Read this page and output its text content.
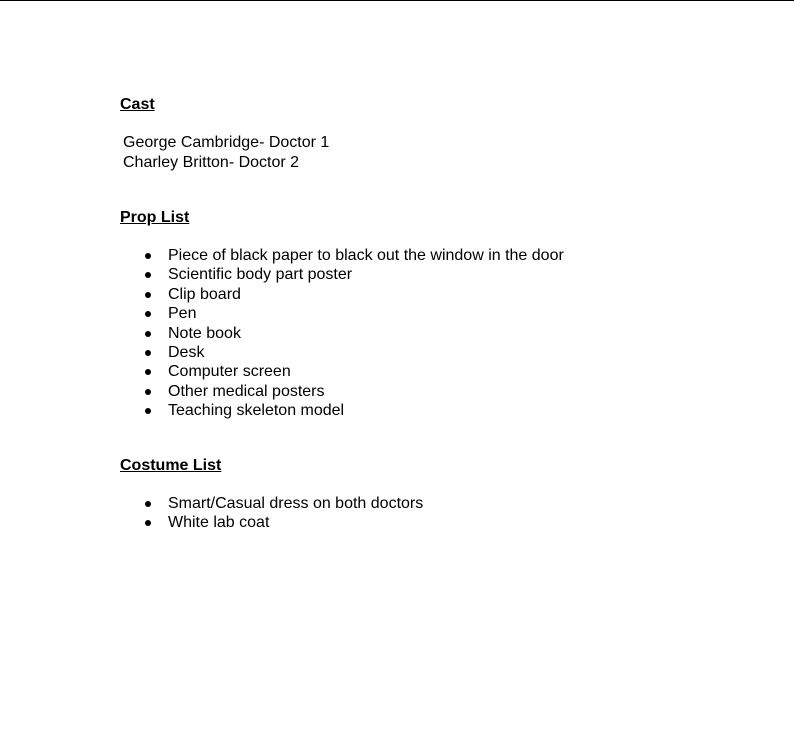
Cast
George Cambridge- Doctor 1
Charley Britton- Doctor 2
Prop List
Piece of black paper to black out the window in the door
Scientific body part poster
Clip board
Pen
Note book
Desk
Computer screen
Other medical posters
Teaching skeleton model
Costume List
Smart/Casual dress on both doctors
White lab coat
